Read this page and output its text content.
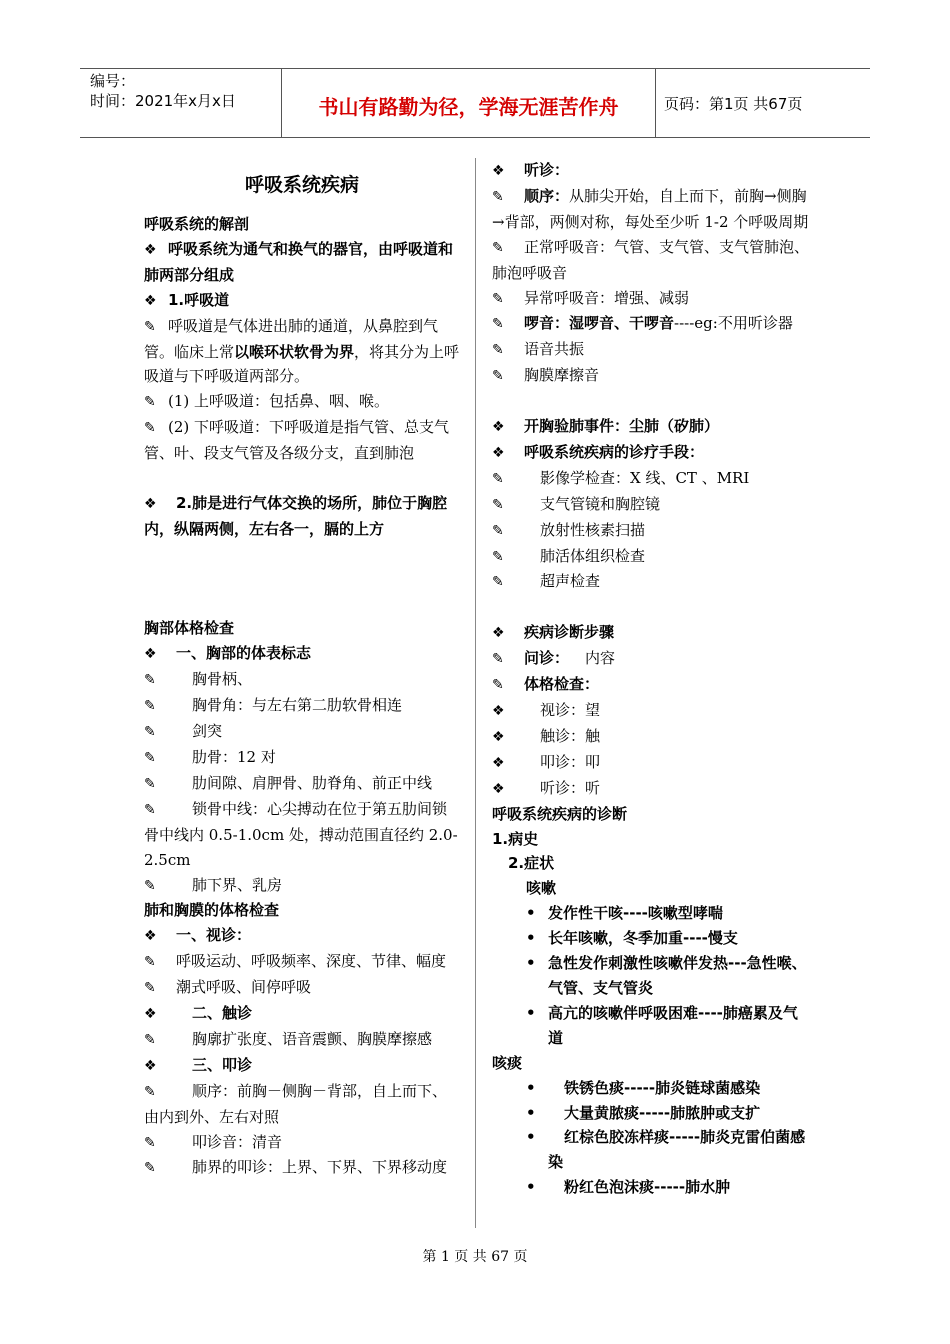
编号：
时间：2021年x月x日	书山有路勤为径，学海无涯苦作舟	页码：第1页 共67页
呼吸系统疾病
呼吸系统的解剖
❖ 呼吸系统为通气和换气的器官，由呼吸道和肺两部分组成
❖ 1.呼吸道
✎ 呼吸道是气体进出肺的通道，从鼻腔到气管。临床上常以喉环状软骨为界，将其分为上呼吸道与下呼吸道两部分。
✎ (1) 上呼吸道：包括鼻、咽、喉。
✎ (2) 下呼吸道：下呼吸道是指气管、总支气管、叶、段支气管及各级分支，直到肺泡
❖ 2.肺是进行气体交换的场所，肺位于胸腔内，纵隔两侧，左右各一，膈的上方
胸部体格检查
❖ 一、胸部的体表标志
✎ 胸骨柄、
✎ 胸骨角：与左右第二肋软骨相连
✎ 剑突
✎ 肋骨：12 对
✎ 肋间隙、肩胛骨、肋脊角、前正中线
✎ 锁骨中线：心尖搏动在位于第五肋间锁骨中线内 0.5-1.0cm 处，搏动范围直径约 2.0-2.5cm
✎ 肺下界、乳房
肺和胸膜的体格检查
❖ 一、视诊：
✎ 呼吸运动、呼吸频率、深度、节律、幅度
✎ 潮式呼吸、间停呼吸
❖ 二、触诊
✎ 胸廓扩张度、语音震颤、胸膜摩擦感
❖ 三、叩诊
✎ 顺序：前胸－侧胸－背部，自上而下、由内到外、左右对照
✎ 叩诊音：清音
✎ 肺界的叩诊：上界、下界、下界移动度
❖ 听诊：
✎ 顺序：从肺尖开始，自上而下，前胸→侧胸→背部，两侧对称，每处至少听 1-2 个呼吸周期
✎ 正常呼吸音：气管、支气管、支气管肺泡、肺泡呼吸音
✎ 异常呼吸音：增强、减弱
✎ 啰音：湿啰音、干啰音----eg:不用听诊器
✎ 语音共振
✎ 胸膜摩擦音
❖ 开胸验肺事件：尘肺（矽肺）
❖ 呼吸系统疾病的诊疗手段：
✎ 影像学检查：X 线、CT 、MRI
✎ 支气管镜和胸腔镜
✎ 放射性核素扫描
✎ 肺活体组织检查
✎ 超声检查
❖ 疾病诊断步骤
✎ 问诊： 内容
✎ 体格检查：
❖ 视诊：望
❖ 触诊：触
❖ 叩诊：叩
❖ 听诊：听
呼吸系统疾病的诊断
1.病史
2.症状
咳嗽
• 发作性干咳----咳嗽型哮喘
• 长年咳嗽，冬季加重----慢支
• 急性发作刺激性咳嗽伴发热---急性喉、气管、支气管炎
• 高亢的咳嗽伴呼吸困难----肺癌累及气道
咳痰
• 铁锈色痰-----肺炎链球菌感染
• 大量黄脓痰-----肺脓肿或支扩
• 红棕色胶冻样痰-----肺炎克雷伯菌感染
• 粉红色泡沫痰-----肺水肿
第 1 页 共 67 页
